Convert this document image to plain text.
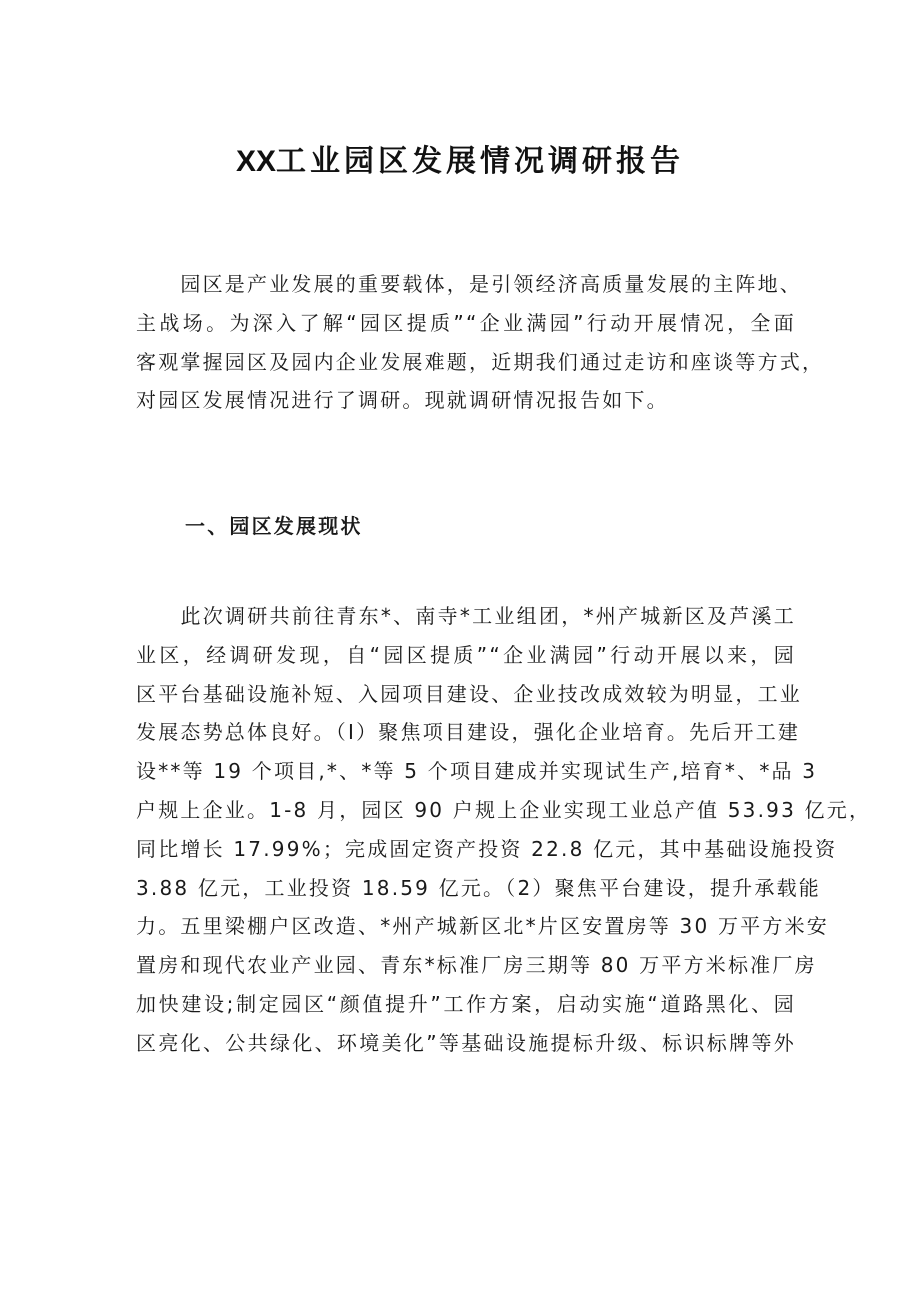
XX工业园区发展情况调研报告
　　园区是产业发展的重要载体，是引领经济高质量发展的主阵地、
主战场。为深入了解“园区提质”“企业满园”行动开展情况，全面
客观掌握园区及园内企业发展难题，近期我们通过走访和座谈等方式，
对园区发展情况进行了调研。现就调研情况报告如下。
一、园区发展现状
　　此次调研共前往青东*、南寺*工业组团，*州产城新区及芦溪工
业区，经调研发现，自“园区提质”“企业满园”行动开展以来，园
区平台基础设施补短、入园项目建设、企业技改成效较为明显，工业
发展态势总体良好。（I）聚焦项目建设，强化企业培育。先后开工建
设**等 19 个项目,*、*等 5 个项目建成并实现试生产,培育*、*品 3
户规上企业。1-8 月，园区 90 户规上企业实现工业总产值 53.93 亿元，
同比增长 17.99%；完成固定资产投资 22.8 亿元，其中基础设施投资
3.88 亿元，工业投资 18.59 亿元。（2）聚焦平台建设，提升承载能
力。五里梁棚户区改造、*州产城新区北*片区安置房等 30 万平方米安
置房和现代农业产业园、青东*标准厂房三期等 80 万平方米标准厂房
加快建设;制定园区“颜值提升”工作方案，启动实施“道路黑化、园
区亮化、公共绿化、环境美化”等基础设施提标升级、标识标牌等外
